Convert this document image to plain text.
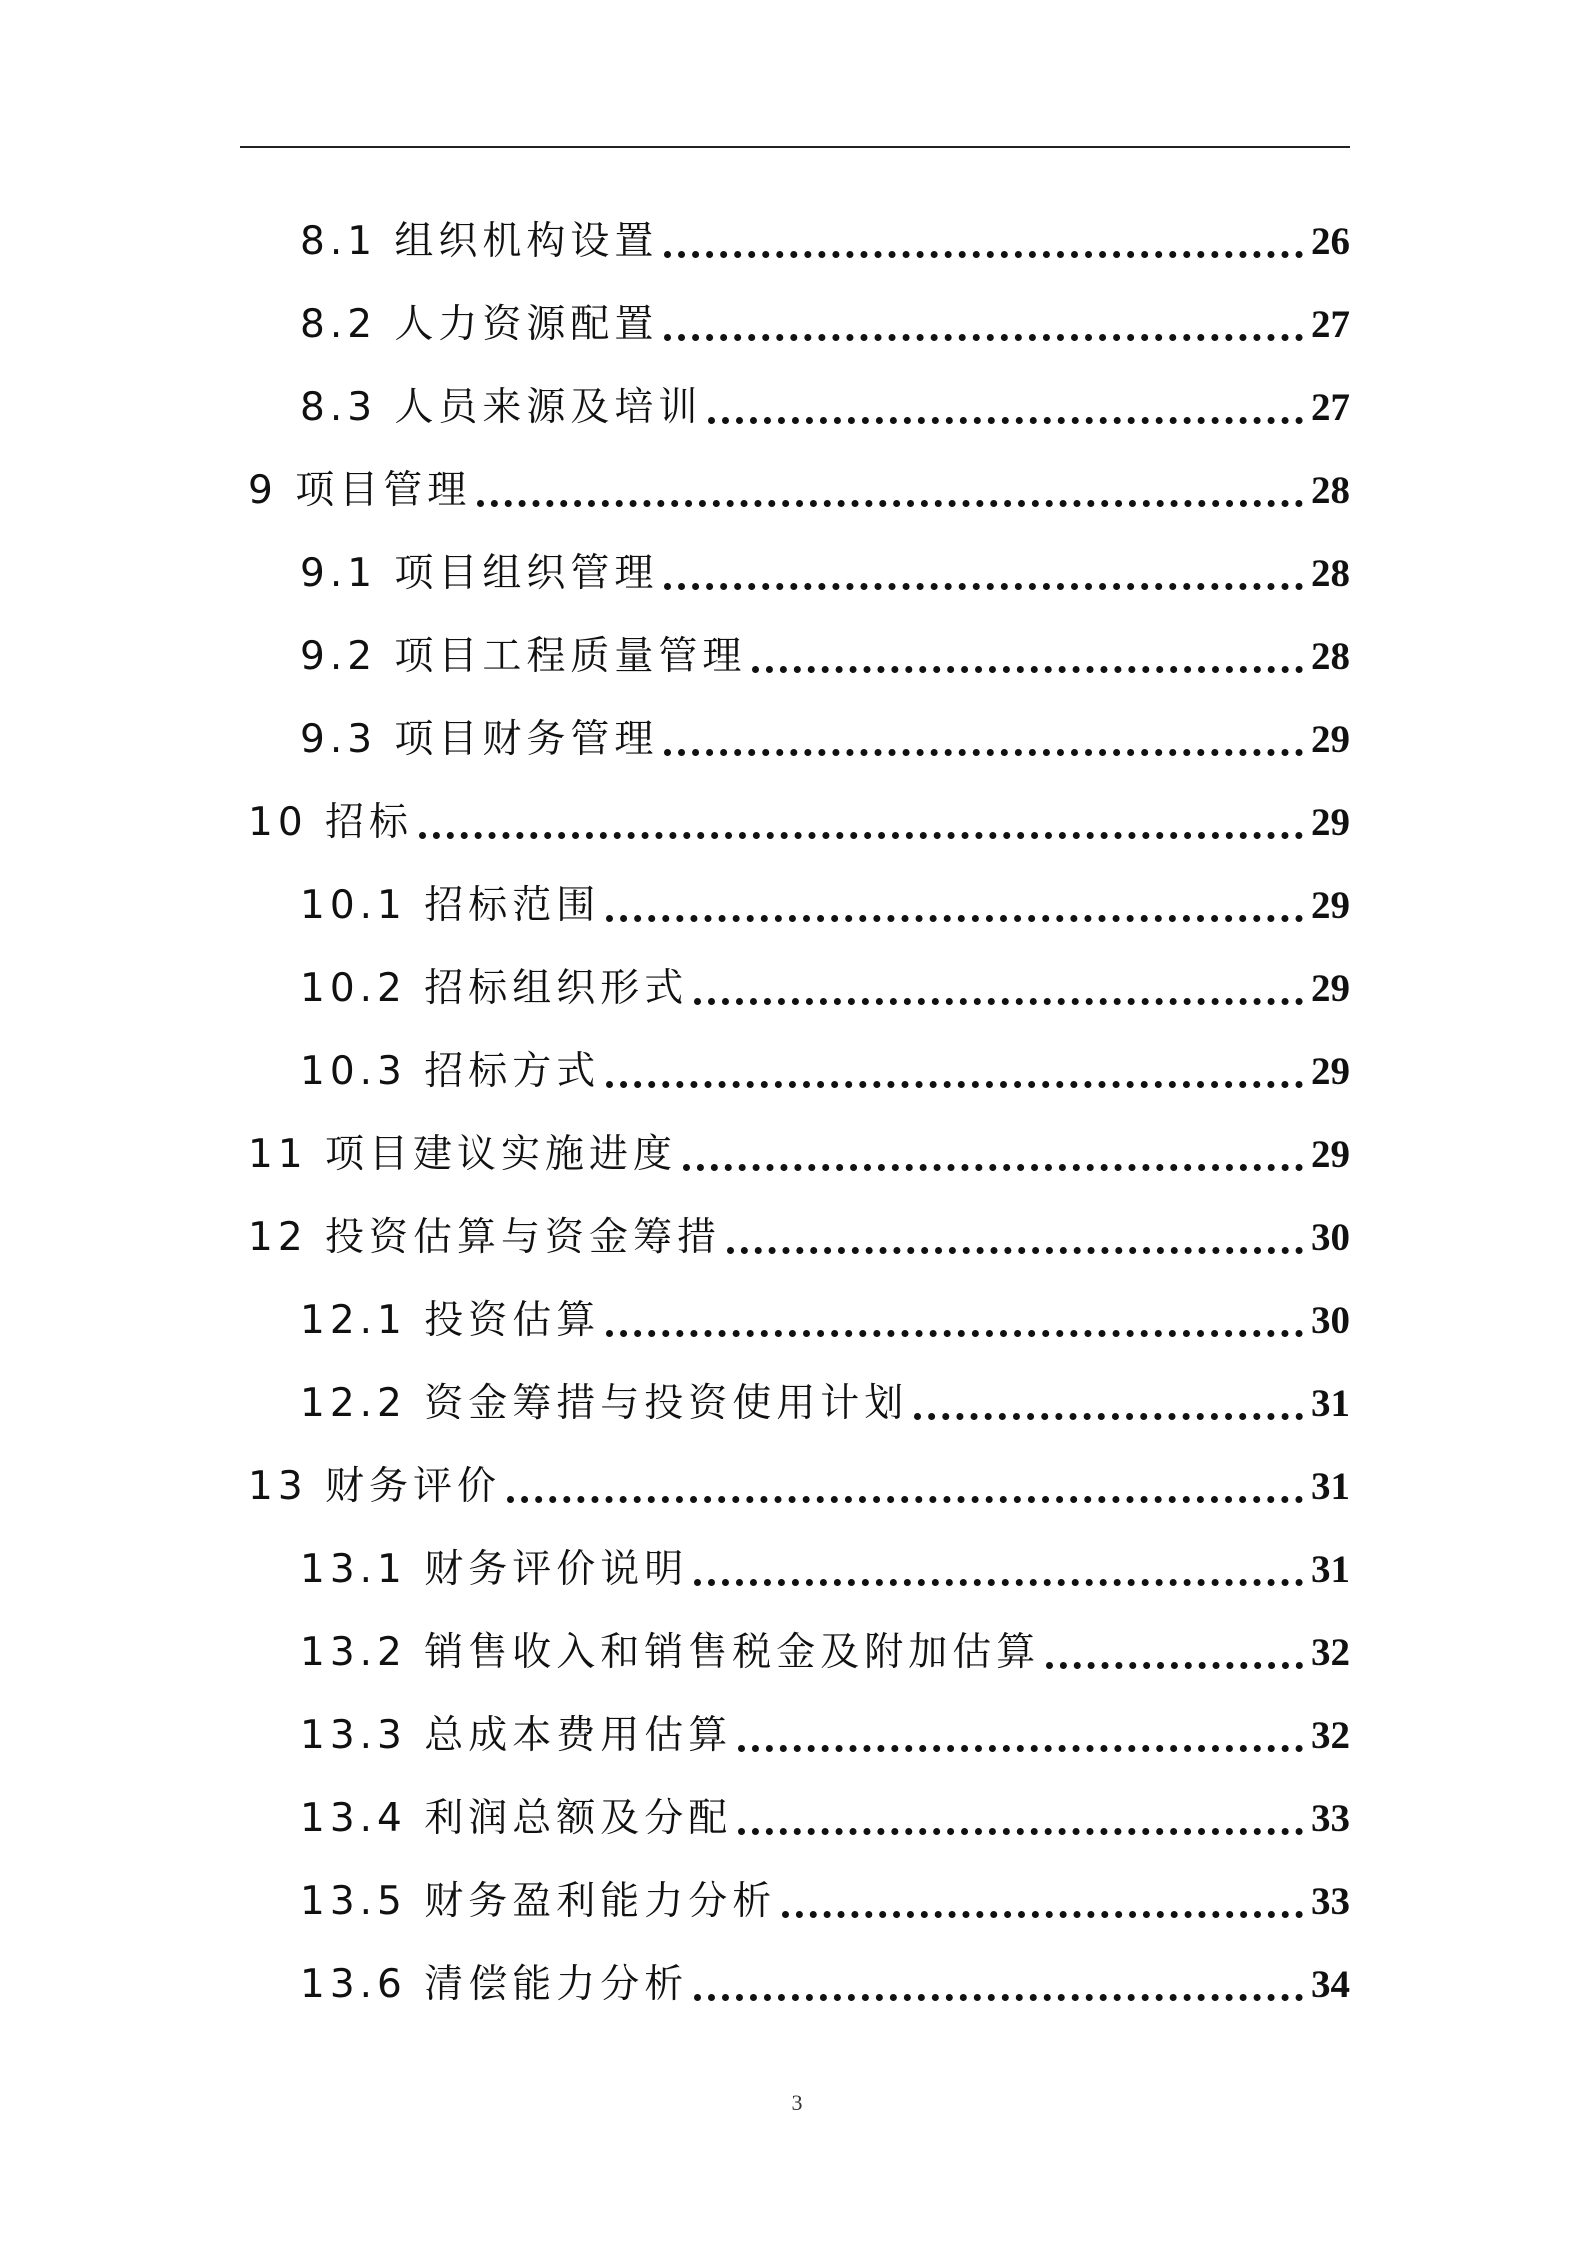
8.1 组织机构设置	26
8.2 人力资源配置	27
8.3 人员来源及培训	27
9 项目管理	28
9.1 项目组织管理	28
9.2 项目工程质量管理	28
9.3 项目财务管理	29
10 招标	29
10.1 招标范围	29
10.2 招标组织形式	29
10.3 招标方式	29
11 项目建议实施进度	29
12 投资估算与资金筹措	30
12.1 投资估算	30
12.2 资金筹措与投资使用计划	31
13 财务评价	31
13.1 财务评价说明	31
13.2 销售收入和销售税金及附加估算	32
13.3 总成本费用估算	32
13.4 利润总额及分配	33
13.5 财务盈利能力分析	33
13.6 清偿能力分析	34
3
